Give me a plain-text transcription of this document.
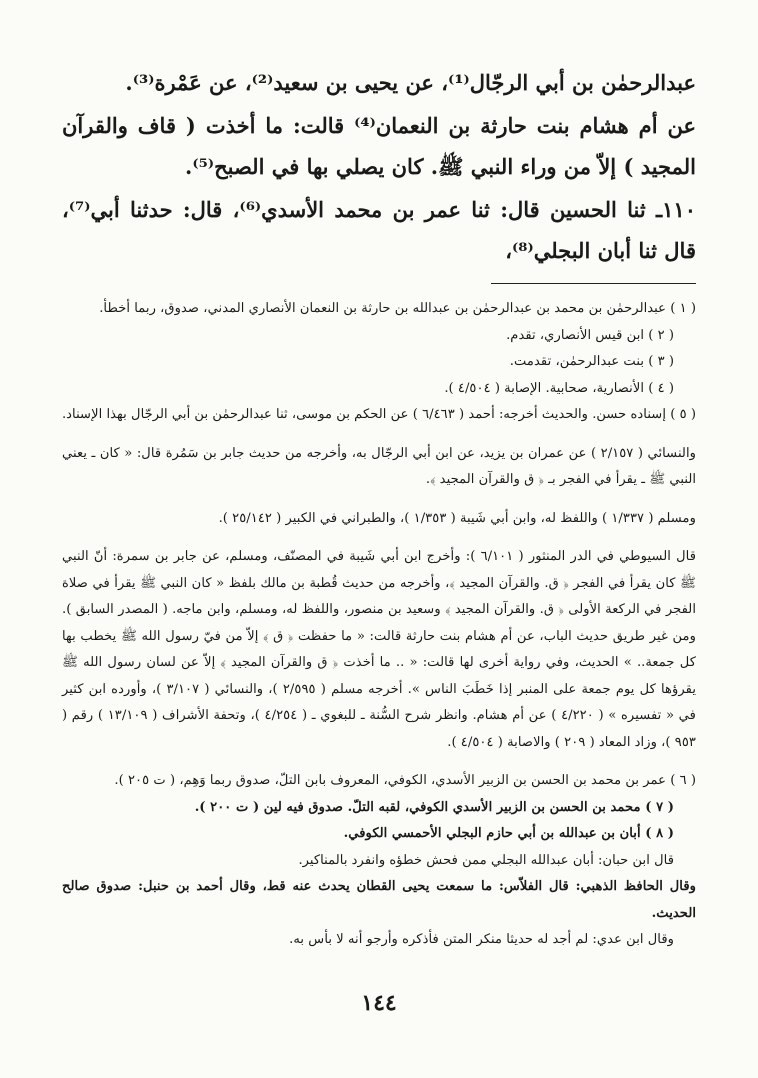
عبدالرحمٰن بن أبي الرجّال⁽¹⁾، عن يحيى بن سعيد⁽²⁾، عن عَمْرة⁽³⁾.

عن أم هشام بنت حارثة بن النعمان⁽⁴⁾ قالت: ما أخذت ( قاف والقرآن المجيد ) إلاّ من وراء النبي ﷺ. كان يصلي بها في الصبح⁽⁵⁾.

١١٠ـ ثنا الحسين قال: ثنا عمر بن محمد الأسدي⁽⁶⁾، قال: حدثنا أبي⁽⁷⁾، قال ثنا أبان البجلي⁽⁸⁾،

( ١ ) عبدالرحمٰن بن محمد بن عبدالرحمٰن بن عبدالله بن حارثة بن النعمان الأنصاري المدني، صدوق، ربما أخطأ.

( ٢ ) ابن قيس الأنصاري، تقدم.

( ٣ ) بنت عبدالرحمٰن، تقدمت.

( ٤ ) الأنصارية، صحابية. الإصابة ( ٤/٥٠٤ ).

( ٥ ) إسناده حسن. والحديث أخرجه: أحمد ( ٦/٤٦٣ ) عن الحكم بن موسى، ثنا عبدالرحمٰن بن أبي الرجّال بهذا الإسناد.

والنسائي ( ٢/١٥٧ ) عن عمران بن يزيد، عن ابن أبي الرجّال به، وأخرجه من حديث جابر بن سَمُرة قال: « كان ـ يعني النبي ﷺ ـ يقرأ في الفجر بـ ﴿ ق والقرآن المجيد ﴾.

ومسلم ( ١/٣٣٧ ) واللفظ له، وابن أبي شَيبة ( ١/٣٥٣ )، والطبراني في الكبير ( ٢٥/١٤٢ ).

قال السيوطي في الدر المنثور ( ٦/١٠١ ): وأخرج ابن أبي شَيبة في المصنّف، ومسلم، عن جابر بن سمرة: أنّ النبي ﷺ كان يقرأ في الفجر ﴿ ق. والقرآن المجيد ﴾، وأخرجه من حديث قُطبة بن مالك بلفظ « كان النبي ﷺ يقرأ في صلاة الفجر في الركعة الأولى ﴿ ق. والقرآن المجيد ﴾ وسعيد بن منصور، واللفظ له، ومسلم، وابن ماجه. ( المصدر السابق ). ومن غير طريق حديث الباب، عن أم هشام بنت حارثة قالت: « ما حفظت ﴿ ق ﴾ إلاّ من فيّ رسول الله ﷺ يخطب بها كل جمعة.. » الحديث، وفي رواية أخرى لها قالت: « .. ما أخذت ﴿ ق والقرآن المجيد ﴾ إلاّ عن لسان رسول الله ﷺ يقرؤها كل يوم جمعة على المنبر إذا خَطَبَ الناس ». أخرجه مسلم ( ٢/٥٩٥ )، والنسائي ( ٣/١٠٧ )، وأورده ابن كثير في « تفسيره » ( ٤/٢٢٠ ) عن أم هشام. وانظر شرح السُّنة ـ للبغوي ـ ( ٤/٢٥٤ )، وتحفة الأشراف ( ١٣/١٠٩ ) رقم ( ٩٥٣ )، وزاد المعاد ( ٢٠٩ ) والاصابة ( ٤/٥٠٤ ).

( ٦ ) عمر بن محمد بن الحسن بن الزبير الأسدي، الكوفي، المعروف بابن التلّ، صدوق ربما وَهِم، ( ت ٢٠٥ ).

( ٧ ) محمد بن الحسن بن الزبير الأسدي الكوفي، لقبه التلّ. صدوق فيه لين ( ت ٢٠٠ ).

( ٨ ) أبان بن عبدالله بن أبي حازم البجلي الأحمسي الكوفي.

قال ابن حبان: أبان عبدالله البجلي ممن فحش خطؤه وانفرد بالمناكير.

وقال الحافظ الذهبي: قال الفلاّس: ما سمعت يحيى القطان يحدث عنه قط، وقال أحمد بن حنبل: صدوق صالح الحديث.

وقال ابن عدي: لم أجد له حديثا منكر المتن فأذكره وأرجو أنه لا بأس به.

١٤٤
